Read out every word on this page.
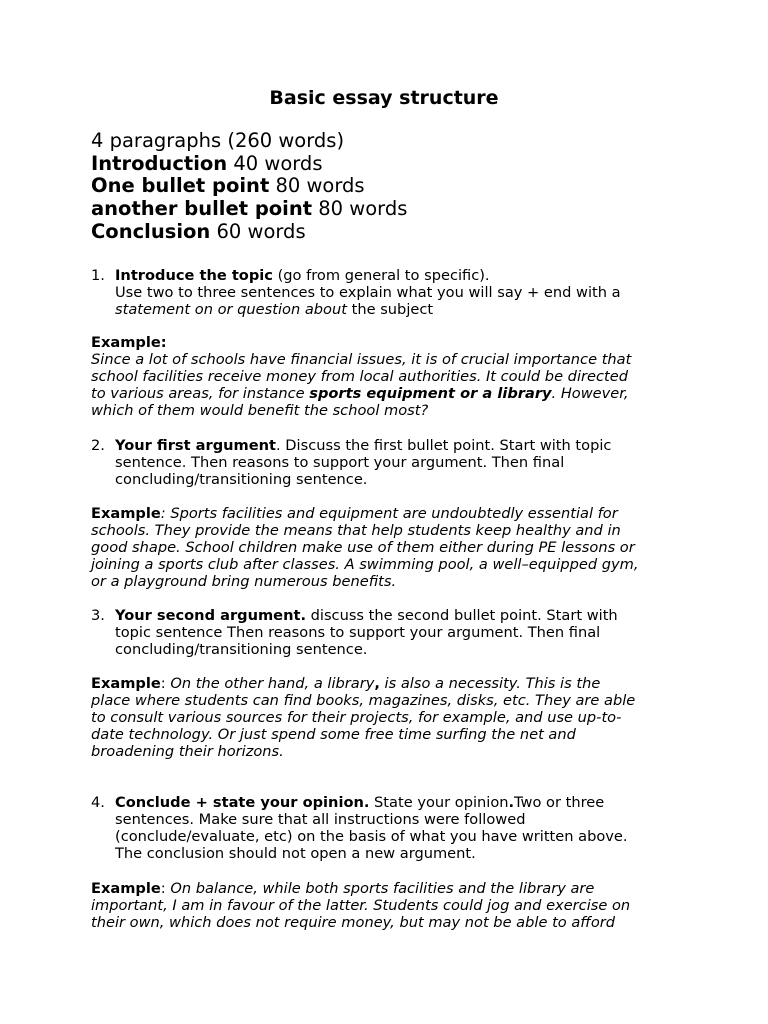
Basic essay structure
4 paragraphs (260 words)
Introduction 40 words
One bullet point 80 words
another bullet point 80 words
Conclusion 60 words
1. Introduce the topic (go from general to specific).

Use two to three sentences to explain what you will say + end with a

statement on or question about the subject

Example:

Since a lot of schools have financial issues, it is of crucial importance that

school facilities receive money from local authorities. It could be directed

to various areas, for instance sports equipment or a library. However,

which of them would benefit the school most?

2. Your first argument. Discuss the first bullet point. Start with topic

sentence. Then reasons to support your argument. Then final

concluding/transitioning sentence.

Example: Sports facilities and equipment are undoubtedly essential for

schools. They provide the means that help students keep healthy and in

good shape. School children make use of them either during PE lessons or

joining a sports club after classes. A swimming pool, a well–equipped gym,

or a playground bring numerous benefits.

3. Your second argument. discuss the second bullet point. Start with

topic sentence Then reasons to support your argument. Then final

concluding/transitioning sentence.

Example: On the other hand, a library, is also a necessity. This is the

place where students can find books, magazines, disks, etc. They are able

to consult various sources for their projects, for example, and use up-to-

date technology. Or just spend some free time surfing the net and

broadening their horizons.

4. Conclude + state your opinion. State your opinion.Two or three

sentences. Make sure that all instructions were followed

(conclude/evaluate, etc) on the basis of what you have written above.

The conclusion should not open a new argument.

Example: On balance, while both sports facilities and the library are

important, I am in favour of the latter. Students could jog and exercise on

their own, which does not require money, but may not be able to afford
